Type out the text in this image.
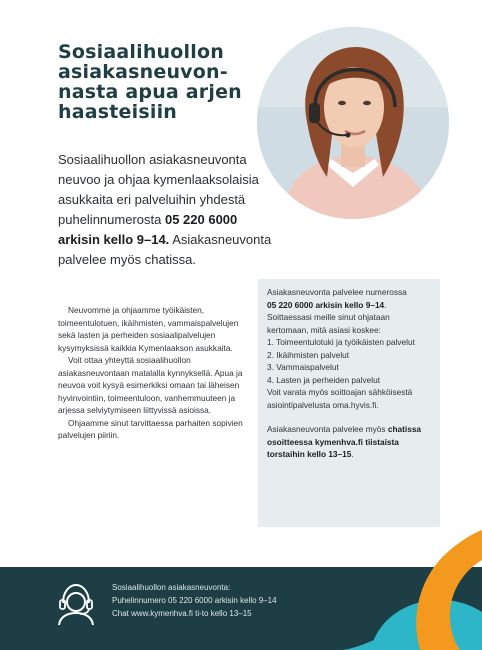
Sosiaalihuollon
asiakasneuvon-
nasta apua arjen
haasteisiin

Sosiaalihuollon asiakasneuvonta neuvoo ja ohjaa kymenlaaksolaisia asukkaita eri palveluihin yhdestä puhelinnumerosta 05 220 6000 arkisin kello 9–14. Asiakasneuvonta palvelee myös chatissa.

Neuvomme ja ohjaamme työikäisten, toimeentulotuen, ikäihmisten, vammaispalvelujen sekä lasten ja perheiden sosiaalipalvelujen kysymyksissä kaikkia Kymenlaakson asukkaita.

Voit ottaa yhteyttä sosiaalihuollon asiakasneuvontaan matalalla kynnyksellä. Apua ja neuvoa voit kysyä esimerkiksi omaan tai läheisen hyvinvointiin, toimeentuloon, vanhemmuuteen ja arjessa selviytymiseen liittyvissä asioissa.

Ohjaamme sinut tarvittaessa parhaiten sopivien palvelujen piiriin.

Asiakasneuvonta palvelee numerossa
05 220 6000 arkisin kello 9–14. Soittaessasi meille sinut ohjataan kertomaan, mitä asiasi koskee:

1. Toimeentulotuki ja työikäisten palvelut
2. Ikäihmisten palvelut
3. Vammaispalvelut
4. Lasten ja perheiden palvelut

Voit varata myös soittoajan sähköisestä asiointipalvelusta oma.hyvis.fi.

Asiakasneuvonta palvelee myös chatissa osoitteessa kymenhva.fi tiistaista torstaihin kello 13–15.

Sosiaalihuollon asiakasneuvonta:
Puhelinnumero 05 220 6000 arkisin kello 9–14
Chat www.kymenhva.fi ti-to kello 13–15
